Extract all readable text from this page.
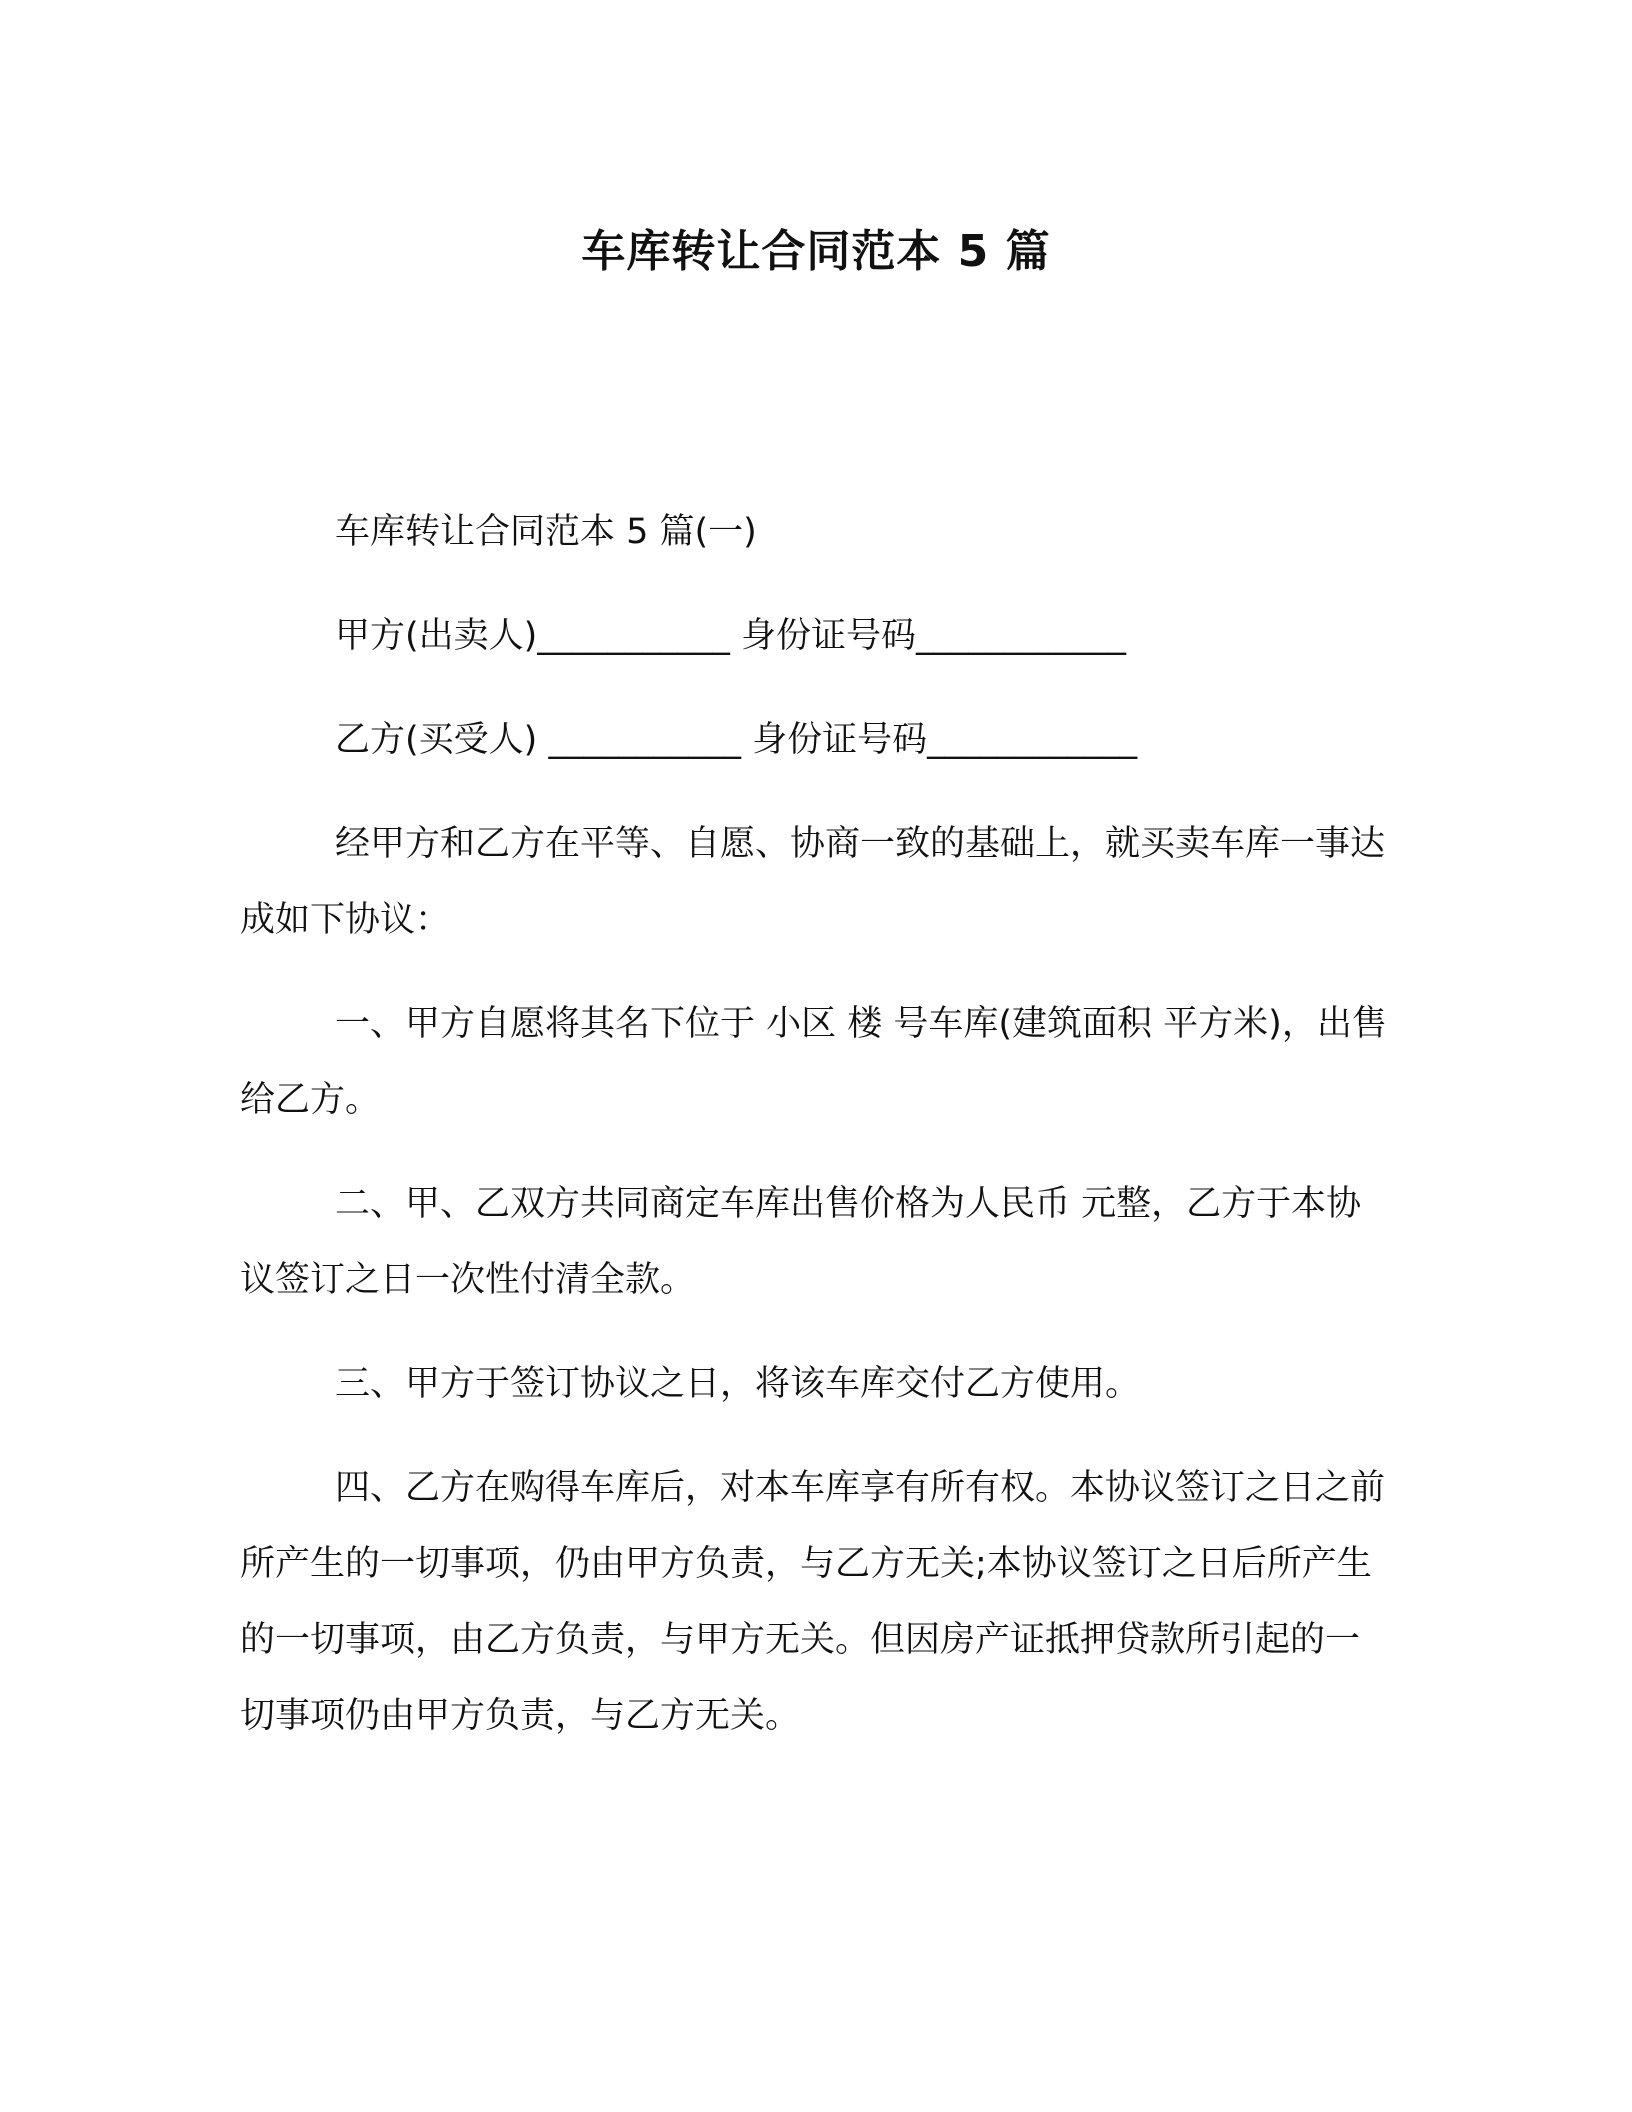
车库转让合同范本 5 篇

车库转让合同范本 5 篇(一)

甲方(出卖人)___________ 身份证号码____________

乙方(买受人) ___________ 身份证号码____________

经甲方和乙方在平等、自愿、协商一致的基础上，就买卖车库一事达成如下协议：

一、甲方自愿将其名下位于 小区 楼 号车库(建筑面积 平方米)，出售给乙方。

二、甲、乙双方共同商定车库出售价格为人民币 元整，乙方于本协议签订之日一次性付清全款。

三、甲方于签订协议之日，将该车库交付乙方使用。

四、乙方在购得车库后，对本车库享有所有权。本协议签订之日之前所产生的一切事项，仍由甲方负责，与乙方无关;本协议签订之日后所产生的一切事项，由乙方负责，与甲方无关。但因房产证抵押贷款所引起的一切事项仍由甲方负责，与乙方无关。
